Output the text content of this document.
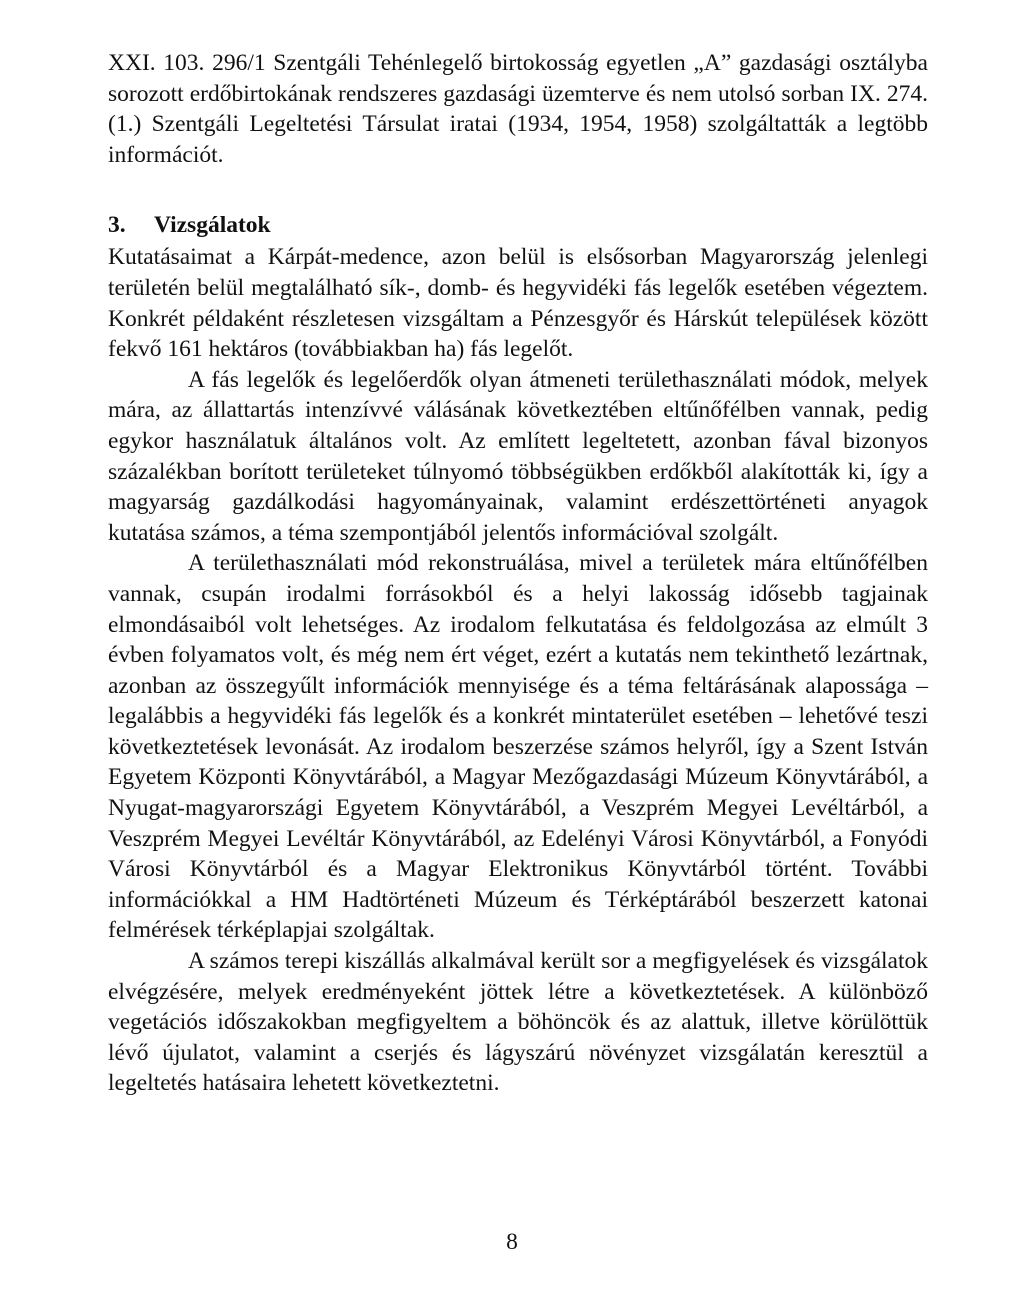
XXI. 103. 296/1 Szentgáli Tehénlegelő birtokosság egyetlen „A” gazdasági osztályba sorozott erdőbirtokának rendszeres gazdasági üzemterve és nem utolsó sorban IX. 274. (1.) Szentgáli Legeltetési Társulat iratai (1934, 1954, 1958) szolgáltatták a legtöbb információt.

3. Vizsgálatok

Kutatásaimat a Kárpát-medence, azon belül is elsősorban Magyarország jelenlegi területén belül megtalálható sík-, domb- és hegyvidéki fás legelők esetében végeztem. Konkrét példaként részletesen vizsgáltam a Pénzesgyőr és Hárskút települések között fekvő 161 hektáros (továbbiakban ha) fás legelőt.

A fás legelők és legelőerdők olyan átmeneti területhasználati módok, melyek mára, az állattartás intenzívvé válásának következtében eltűnőfélben vannak, pedig egykor használatuk általános volt. Az említett legeltetett, azonban fával bizonyos százalékban borított területeket túlnyomó többségükben erdőkből alakították ki, így a magyarság gazdálkodási hagyományainak, valamint erdészettörténeti anyagok kutatása számos, a téma szempontjából jelentős információval szolgált.

A területhasználati mód rekonstruálása, mivel a területek mára eltűnőfélben vannak, csupán irodalmi forrásokból és a helyi lakosság idősebb tagjainak elmondásaiból volt lehetséges. Az irodalom felkutatása és feldolgozása az elmúlt 3 évben folyamatos volt, és még nem ért véget, ezért a kutatás nem tekinthető lezártnak, azonban az összegyűlt információk mennyisége és a téma feltárásának alapossága – legalábbis a hegyvidéki fás legelők és a konkrét mintaterület esetében – lehetővé teszi következtetések levonását. Az irodalom beszerzése számos helyről, így a Szent István Egyetem Központi Könyvtárából, a Magyar Mezőgazdasági Múzeum Könyvtárából, a Nyugat-magyarországi Egyetem Könyvtárából, a Veszprém Megyei Levéltárból, a Veszprém Megyei Levéltár Könyvtárából, az Edelényi Városi Könyvtárból, a Fonyódi Városi Könyvtárból és a Magyar Elektronikus Könyvtárból történt. További információkkal a HM Hadtörténeti Múzeum és Térképtárából beszerzett katonai felmérések térképlapjai szolgáltak.

A számos terepi kiszállás alkalmával került sor a megfigyelések és vizsgálatok elvégzésére, melyek eredményeként jöttek létre a következtetések. A különböző vegetációs időszakokban megfigyeltem a böhöncök és az alattuk, illetve körülöttük lévő újulatot, valamint a cserjés és lágyszárú növényzet vizsgálatán keresztül a legeltetés hatásaira lehetett következtetni.

8
